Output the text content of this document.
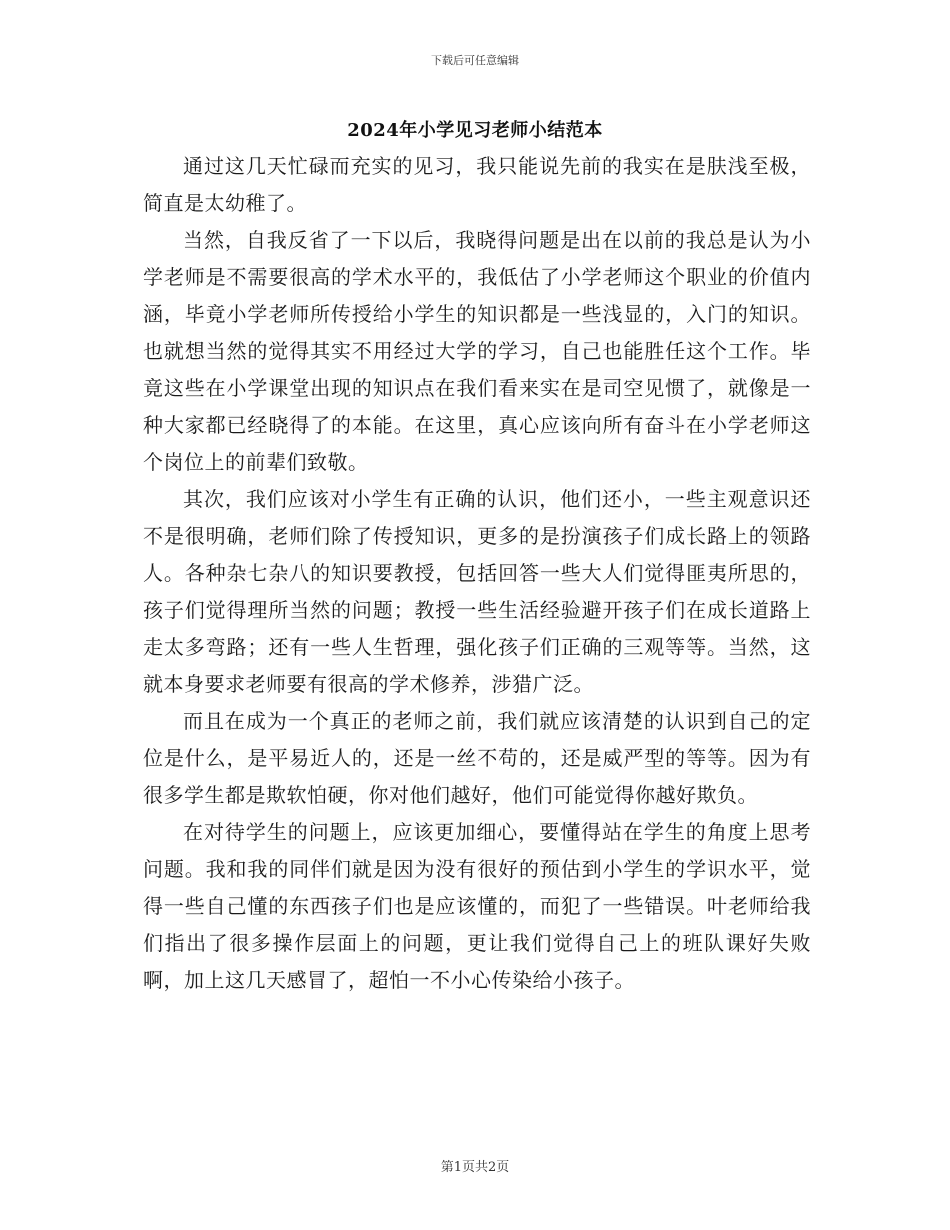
下载后可任意编辑
2024年小学见习老师小结范本

通过这几天忙碌而充实的见习，我只能说先前的我实在是肤浅至极，简直是太幼稚了。

当然，自我反省了一下以后，我晓得问题是出在以前的我总是认为小学老师是不需要很高的学术水平的，我低估了小学老师这个职业的价值内涵，毕竟小学老师所传授给小学生的知识都是一些浅显的，入门的知识。也就想当然的觉得其实不用经过大学的学习，自己也能胜任这个工作。毕竟这些在小学课堂出现的知识点在我们看来实在是司空见惯了，就像是一种大家都已经晓得了的本能。在这里，真心应该向所有奋斗在小学老师这个岗位上的前辈们致敬。

其次，我们应该对小学生有正确的认识，他们还小，一些主观意识还不是很明确，老师们除了传授知识，更多的是扮演孩子们成长路上的领路人。各种杂七杂八的知识要教授，包括回答一些大人们觉得匪夷所思的，孩子们觉得理所当然的问题；教授一些生活经验避开孩子们在成长道路上走太多弯路；还有一些人生哲理，强化孩子们正确的三观等等。当然，这就本身要求老师要有很高的学术修养，涉猎广泛。

而且在成为一个真正的老师之前，我们就应该清楚的认识到自己的定位是什么，是平易近人的，还是一丝不苟的，还是威严型的等等。因为有很多学生都是欺软怕硬，你对他们越好，他们可能觉得你越好欺负。

在对待学生的问题上，应该更加细心，要懂得站在学生的角度上思考问题。我和我的同伴们就是因为没有很好的预估到小学生的学识水平，觉得一些自己懂的东西孩子们也是应该懂的，而犯了一些错误。叶老师给我们指出了很多操作层面上的问题，更让我们觉得自己上的班队课好失败啊，加上这几天感冒了，超怕一不小心传染给小孩子。

第1页共2页
